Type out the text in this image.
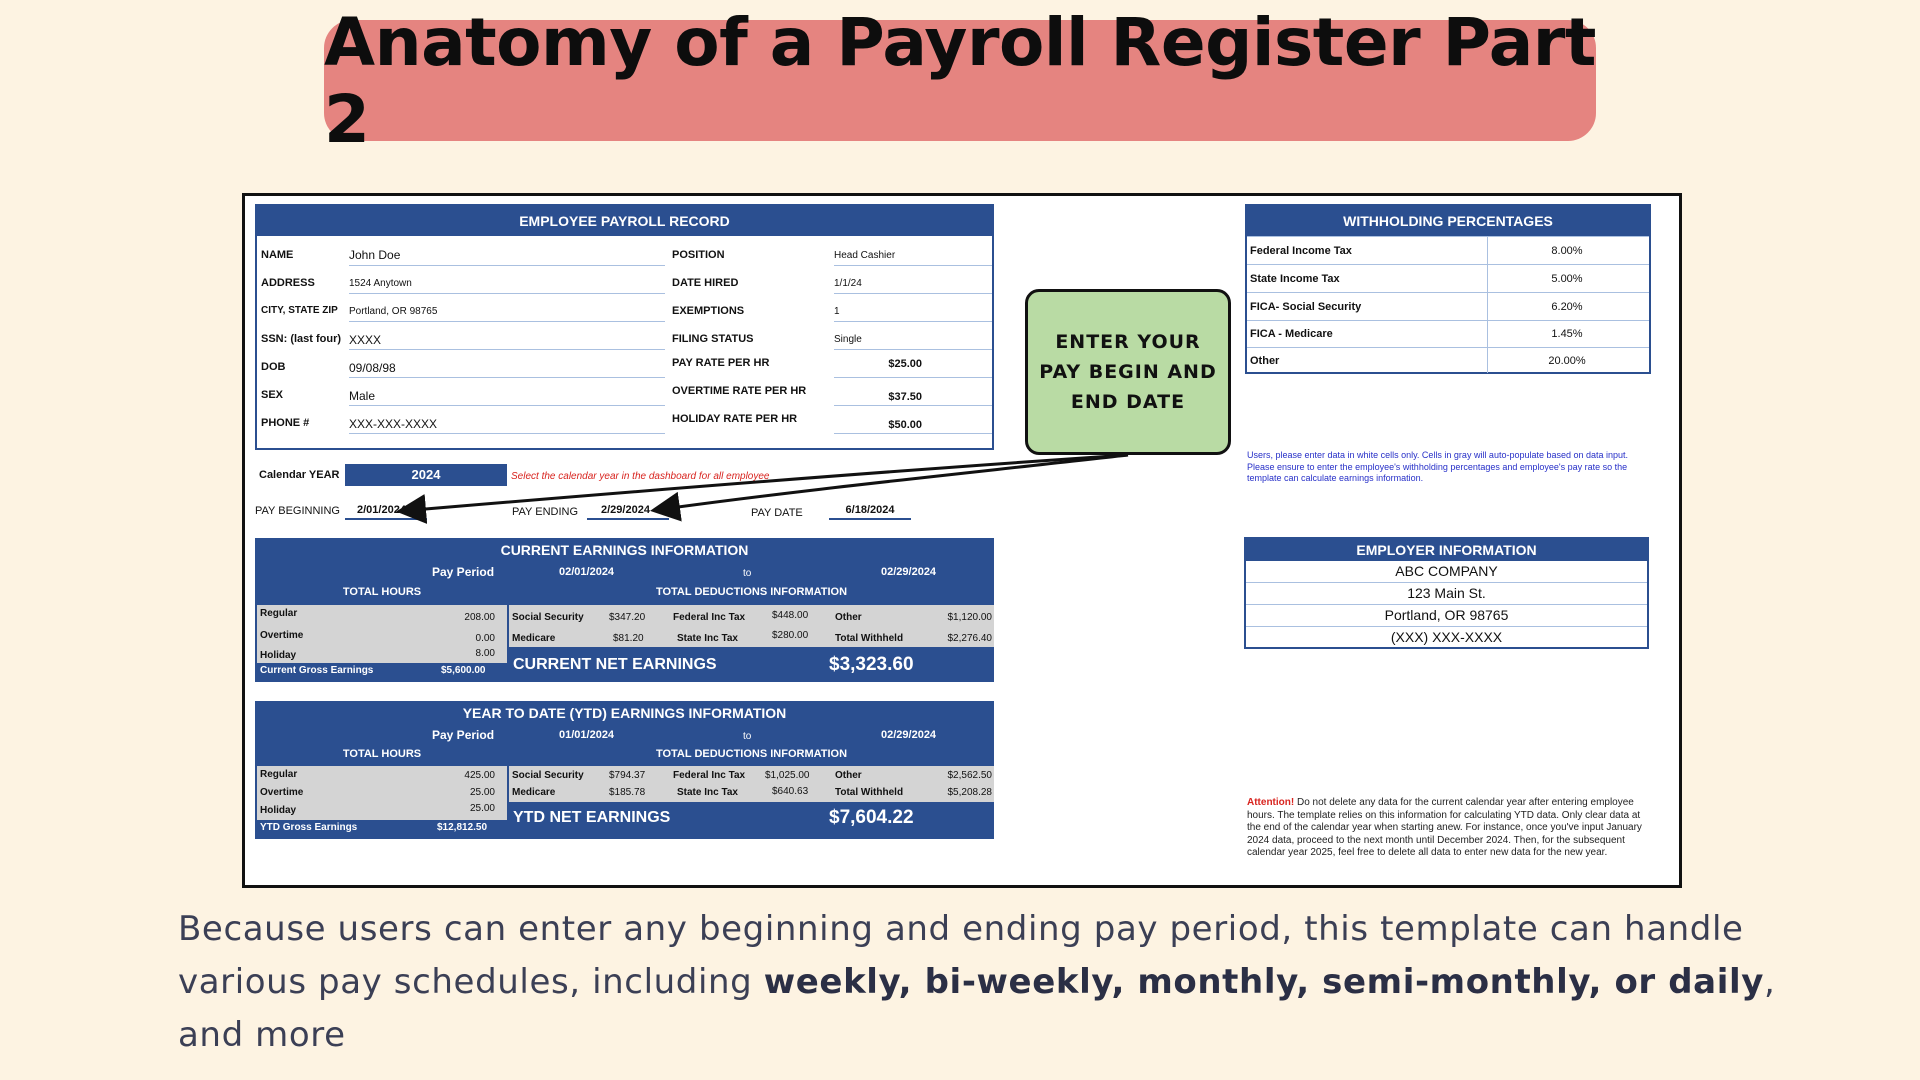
Anatomy of a Payroll Register Part 2
EMPLOYEE PAYROLL RECORD
NAME	John Doe
ADDRESS	1524 Anytown
CITY, STATE ZIP Portland, OR 98765
SSN: (last four) XXXX
DOB	09/08/98
SEX	Male
PHONE #	XXX-XXX-XXXX
POSITION	Head Cashier
DATE HIRED	1/1/24
EXEMPTIONS	1
FILING STATUS	Single
PAY RATE PER HR	$25.00
OVERTIME RATE PER HR	$37.50
HOLIDAY RATE PER HR	$50.00
Calendar YEAR	2024	Select the calendar year in the dashboard for all employee
PAY BEGINNING	2/01/2024	PAY ENDING	2/29/2024	PAY DATE	6/18/2024
CURRENT EARNINGS INFORMATION
Pay Period	02/01/2024	to	02/29/2024
TOTAL HOURS	TOTAL DEDUCTIONS INFORMATION
Regular	208.00
Overtime	0.00
Holiday	8.00
Current Gross Earnings	$5,600.00
Social Security	$347.20	Federal Inc Tax	$448.00	Other	$1,120.00
Medicare	$81.20	State Inc Tax	$280.00	Total Withheld	$2,276.40
CURRENT NET EARNINGS	$3,323.60
YEAR TO DATE (YTD) EARNINGS INFORMATION
Pay Period	01/01/2024	to	02/29/2024
TOTAL HOURS	TOTAL DEDUCTIONS INFORMATION
Regular	425.00
Overtime	25.00
Holiday	25.00
YTD Gross Earnings	$12,812.50
Social Security	$794.37	Federal Inc Tax $1,025.00	Other	$2,562.50
Medicare	$185.78	State Inc Tax	$640.63	Total Withheld	$5,208.28
YTD NET EARNINGS	$7,604.22
WITHHOLDING PERCENTAGES
Federal Income Tax	8.00%
State Income Tax	5.00%
FICA- Social Security	6.20%
FICA - Medicare	1.45%
Other	20.00%
Users, please enter data in white cells only. Cells in gray will auto-populate based on data input. Please ensure to enter the employee's withholding percentages and employee's pay rate so the template can calculate earnings information.
EMPLOYER INFORMATION
ABC COMPANY
123 Main St.
Portland, OR 98765
(XXX) XXX-XXXX
Attention! Do not delete any data for the current calendar year after entering employee hours. The template relies on this information for calculating YTD data. Only clear data at the end of the calendar year when starting anew. For instance, once you've input January 2024 data, proceed to the next month until December 2024. Then, for the subsequent calendar year 2025, feel free to delete all data to enter new data for the new year.
ENTER YOUR PAY BEGIN AND END DATE
Because users can enter any beginning and ending pay period, this template can handle various pay schedules, including weekly, bi-weekly, monthly, semi-monthly, or daily, and more
